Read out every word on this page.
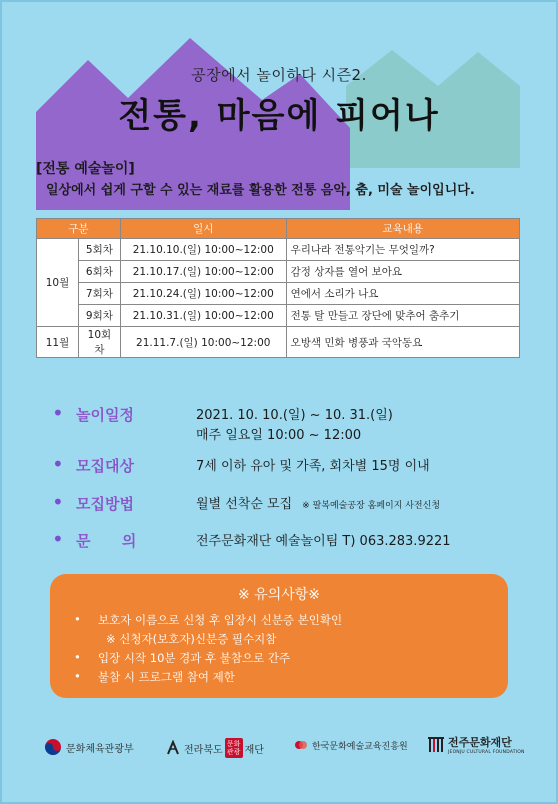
공장에서 놀이하다 시즌2.
전통, 마음에 피어나
[전통 예술놀이]
일상에서 쉽게 구할 수 있는 재료를 활용한 전통 음악, 춤, 미술 놀이입니다.
구분		일시	교육내용
10월	5회차	21.10.10.(일) 10:00~12:00	우리나라 전통악기는 무엇일까?
	6회차	21.10.17.(일) 10:00~12:00	감정 상자를 열어 보아요
	7회차	21.10.24.(일) 10:00~12:00	연에서 소리가 나요
	9회차	21.10.31.(일) 10:00~12:00	전통 탈 만들고 장단에 맞추어 춤추기
11월	10회차	21.11.7.(일) 10:00~12:00	오방색 민화 병풍과 국악동요
• 놀이일정	2021. 10. 10.(일) ~ 10. 31.(일)
매주 일요일 10:00 ~ 12:00
• 모집대상	7세 이하 유아 및 가족, 회차별 15명 이내
• 모집방법	월별 선착순 모집 ※ 팔복예술공장 홈페이지 사전신청
• 문      의	전주문화재단 예술놀이팀 T) 063.283.9221
※ 유의사항※
• 보호자 이름으로 신청 후 입장시 신분증 본인확인
※ 신청자(보호자)신분증 필수지참
• 입장 시작 10분 경과 후 불참으로 간주
• 불참 시 프로그램 참여 제한
문화체육관광부	전라북도
문화관광 재단	한국문화예술교육진흥원	전주문화재단
JEONJU CULTURAL FOUNDATION
